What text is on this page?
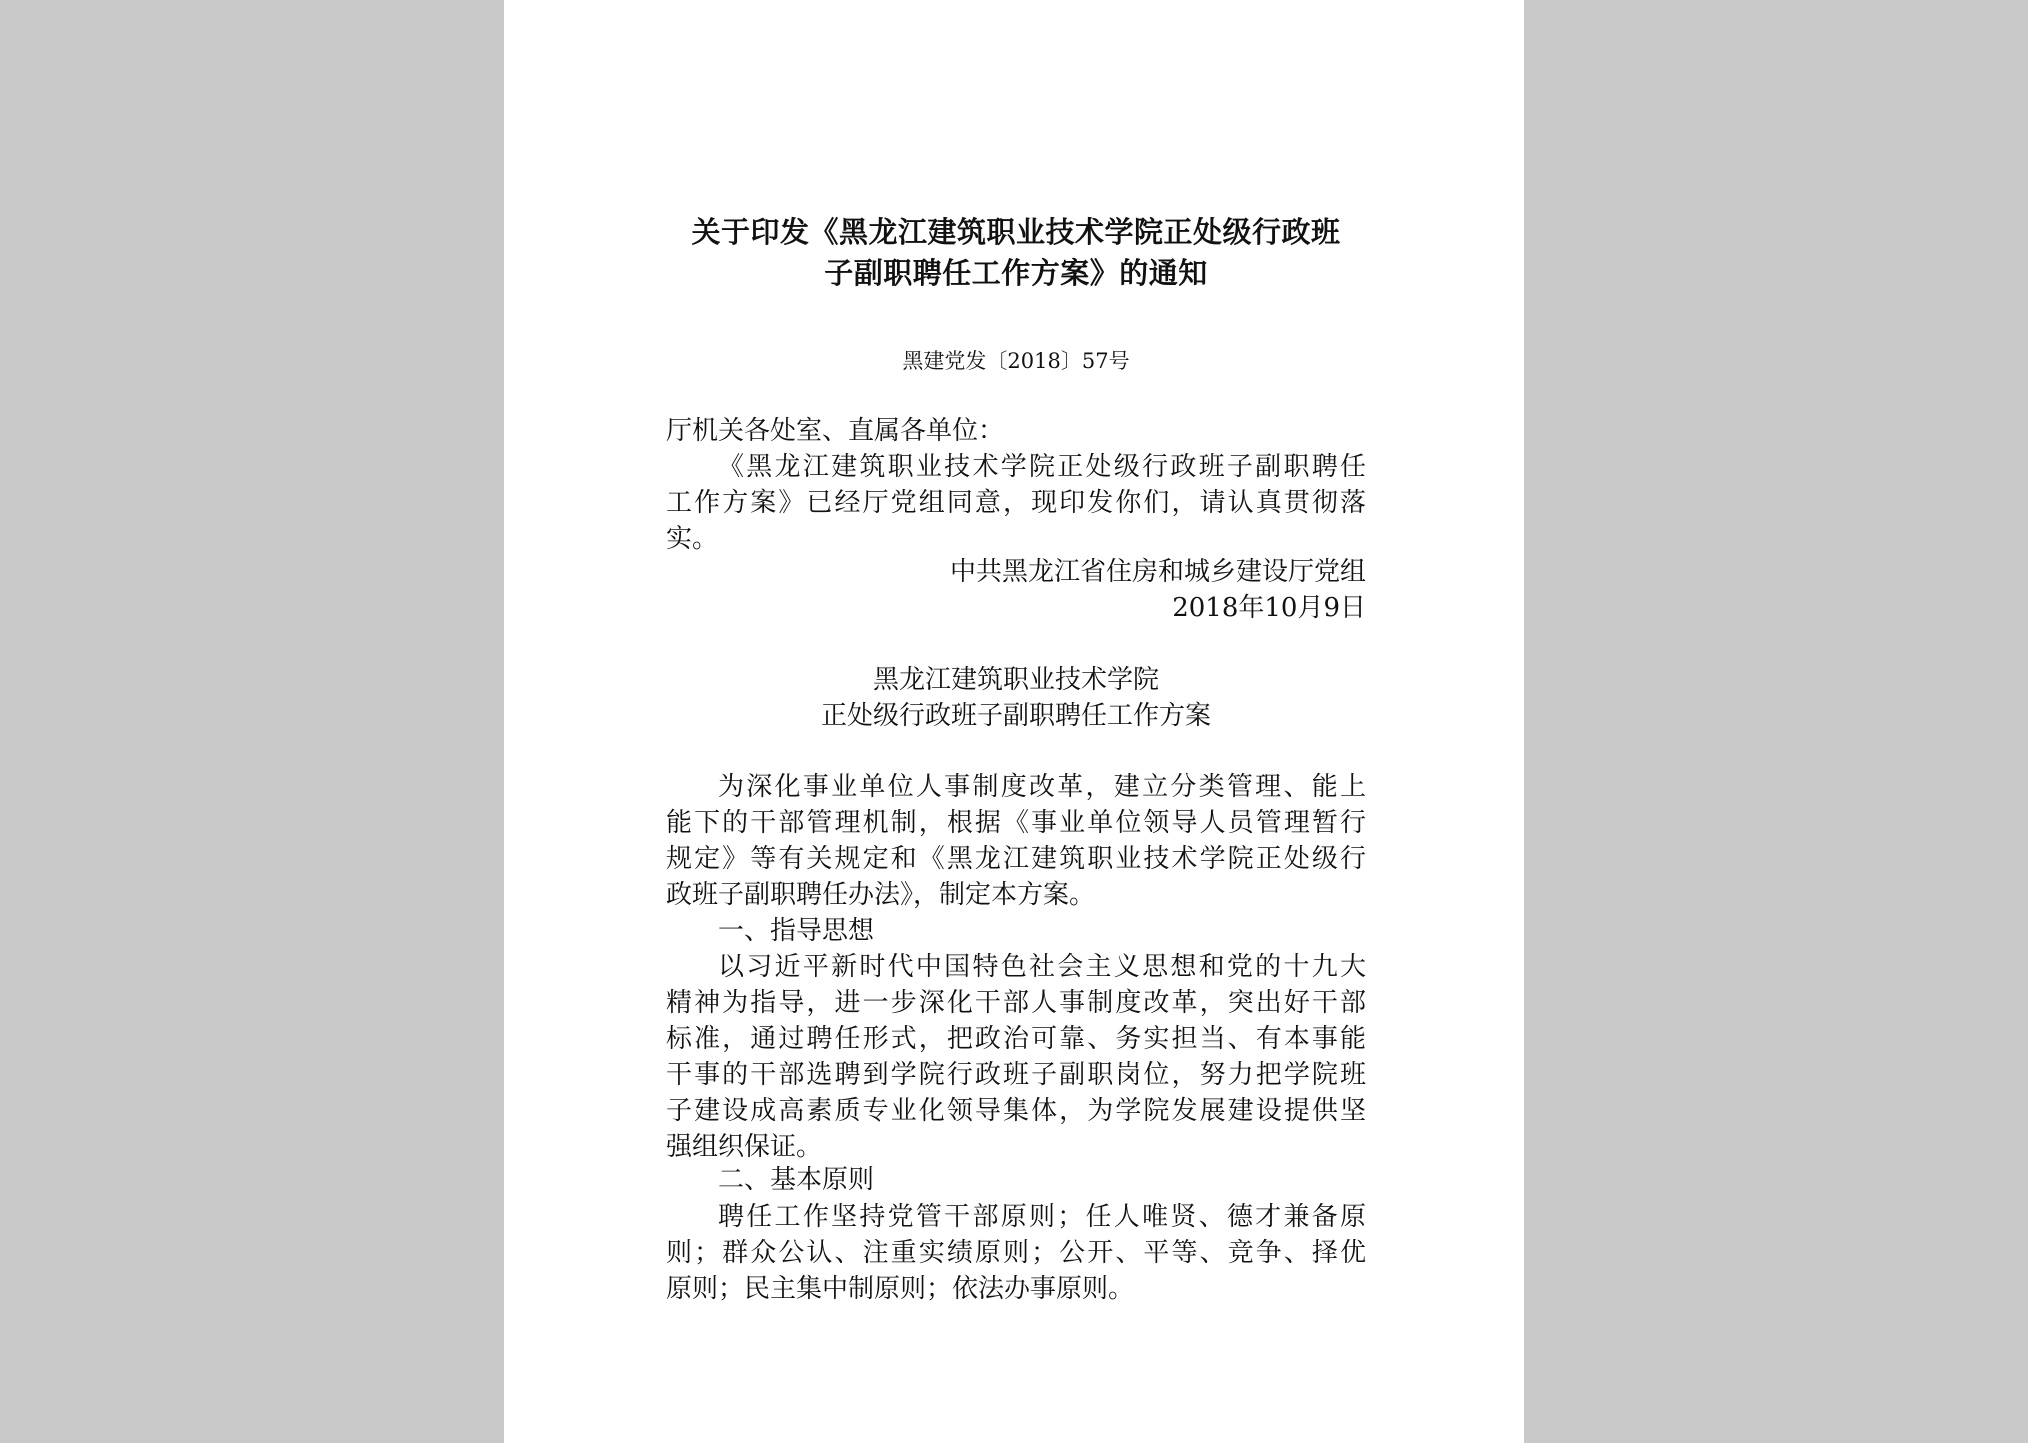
关于印发《黑龙江建筑职业技术学院正处级行政班
子副职聘任工作方案》的通知
黑建党发〔2018〕57号
厅机关各处室、直属各单位：
《黑龙江建筑职业技术学院正处级行政班子副职聘任
工作方案》已经厅党组同意，现印发你们，请认真贯彻落
实。
中共黑龙江省住房和城乡建设厅党组
2018年10月9日
黑龙江建筑职业技术学院
正处级行政班子副职聘任工作方案
为深化事业单位人事制度改革，建立分类管理、能上
能下的干部管理机制，根据《事业单位领导人员管理暂行
规定》等有关规定和《黑龙江建筑职业技术学院正处级行
政班子副职聘任办法》，制定本方案。
一、指导思想
以习近平新时代中国特色社会主义思想和党的十九大
精神为指导，进一步深化干部人事制度改革，突出好干部
标准，通过聘任形式，把政治可靠、务实担当、有本事能
干事的干部选聘到学院行政班子副职岗位，努力把学院班
子建设成高素质专业化领导集体，为学院发展建设提供坚
强组织保证。
二、基本原则
聘任工作坚持党管干部原则；任人唯贤、德才兼备原
则；群众公认、注重实绩原则；公开、平等、竞争、择优
原则；民主集中制原则；依法办事原则。
